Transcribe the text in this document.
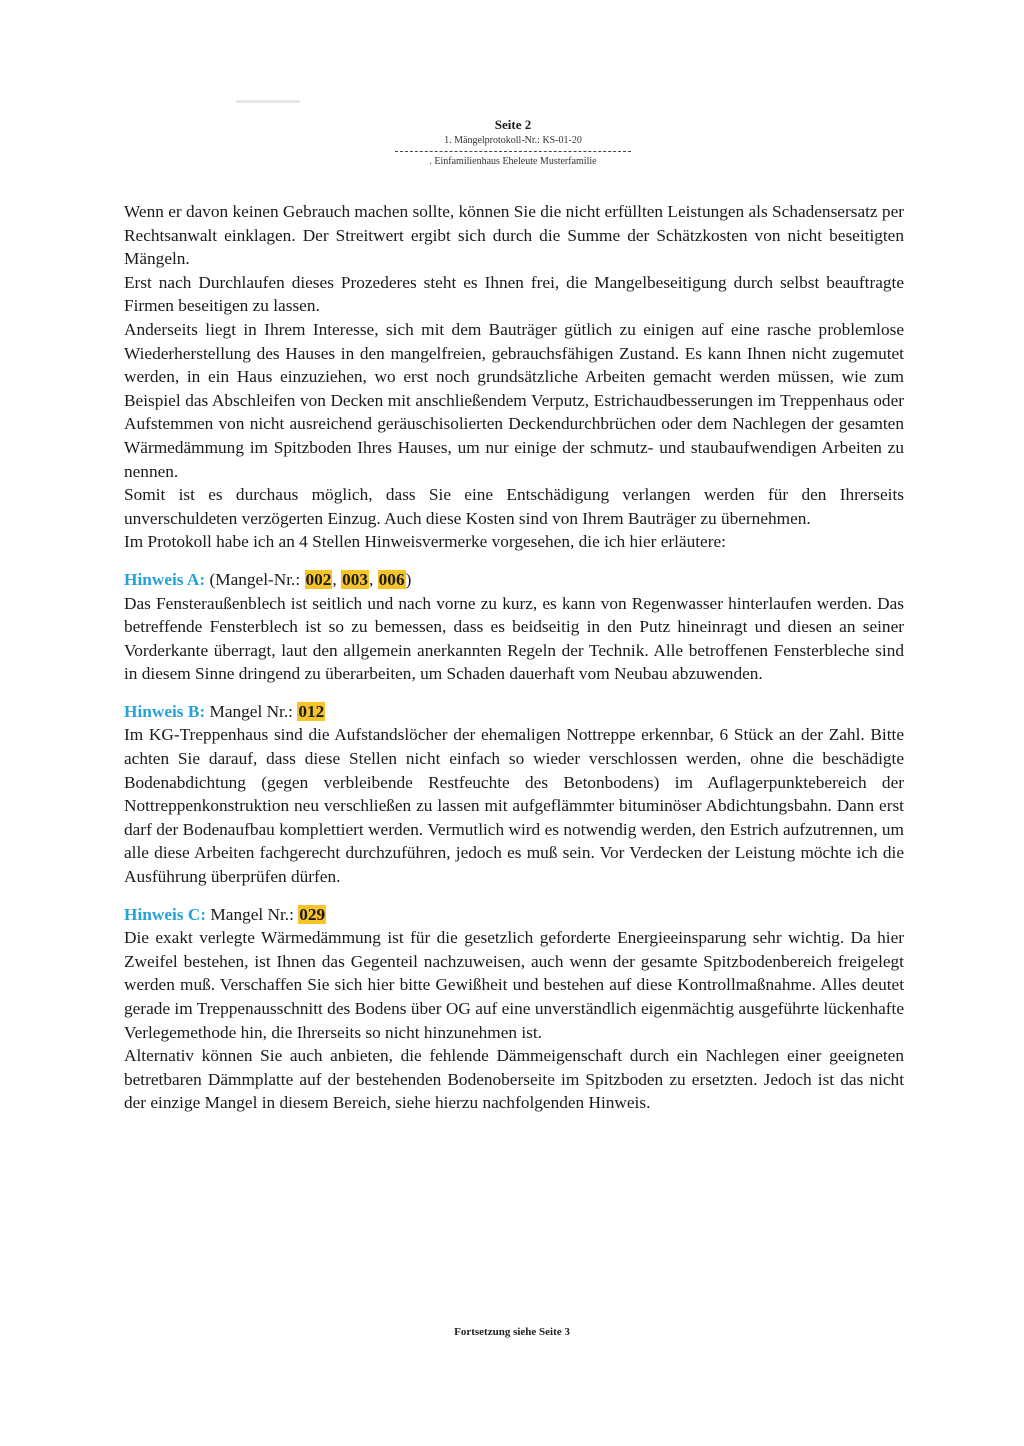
Seite 2
1. Mängelprotokoll-Nr.: KS-01-20
. Einfamilienhaus Eheleute Musterfamilie

Wenn er davon keinen Gebrauch machen sollte, können Sie die nicht erfüllten Leistungen als Schadensersatz per Rechtsanwalt einklagen. Der Streitwert ergibt sich durch die Summe der Schätzkosten von nicht beseitigten Mängeln.

Erst nach Durchlaufen dieses Prozederes steht es Ihnen frei, die Mangelbeseitigung durch selbst beauftragte Firmen beseitigen zu lassen.

Anderseits liegt in Ihrem Interesse, sich mit dem Bauträger gütlich zu einigen auf eine rasche problemlose Wiederherstellung des Hauses in den mangelfreien, gebrauchsfähigen Zustand. Es kann Ihnen nicht zugemutet werden, in ein Haus einzuziehen, wo erst noch grundsätzliche Arbeiten gemacht werden müssen, wie zum Beispiel das Abschleifen von Decken mit anschließendem Verputz, Estrichaudbesserungen im Treppenhaus oder Aufstemmen von nicht ausreichend geräuschisolierten Deckendurchbrüchen oder dem Nachlegen der gesamten Wärmedämmung im Spitzboden Ihres Hauses, um nur einige der schmutz- und staubaufwendigen Arbeiten zu nennen.

Somit ist es durchaus möglich, dass Sie eine Entschädigung verlangen werden für den Ihrerseits unverschuldeten verzögerten Einzug. Auch diese Kosten sind von Ihrem Bauträger zu übernehmen.

Im Protokoll habe ich an 4 Stellen Hinweisvermerke vorgesehen, die ich hier erläutere:

Hinweis A: (Mangel-Nr.: 002, 003, 006)

Das Fensteraußenblech ist seitlich und nach vorne zu kurz, es kann von Regenwasser hinterlaufen werden. Das betreffende Fensterblech ist so zu bemessen, dass es beidseitig in den Putz hineinragt und diesen an seiner Vorderkante überragt, laut den allgemein anerkannten Regeln der Technik. Alle betroffenen Fensterbleche sind in diesem Sinne dringend zu überarbeiten, um Schaden dauerhaft vom Neubau abzuwenden.

Hinweis B: Mangel Nr.: 012

Im KG-Treppenhaus sind die Aufstandslöcher der ehemaligen Nottreppe erkennbar, 6 Stück an der Zahl. Bitte achten Sie darauf, dass diese Stellen nicht einfach so wieder verschlossen werden, ohne die beschädigte Bodenabdichtung (gegen verbleibende Restfeuchte des Betonbodens) im Auflagerpunktebereich der Nottreppenkonstruktion neu verschließen zu lassen mit aufgeflämmter bituminöser Abdichtungsbahn. Dann erst darf der Bodenaufbau komplettiert werden. Vermutlich wird es notwendig werden, den Estrich aufzutrennen, um alle diese Arbeiten fachgerecht durchzuführen, jedoch es muß sein. Vor Verdecken der Leistung möchte ich die Ausführung überprüfen dürfen.

Hinweis C: Mangel Nr.: 029

Die exakt verlegte Wärmedämmung ist für die gesetzlich geforderte Energieeinsparung sehr wichtig. Da hier Zweifel bestehen, ist Ihnen das Gegenteil nachzuweisen, auch wenn der gesamte Spitzbodenbereich freigelegt werden muß. Verschaffen Sie sich hier bitte Gewißheit und bestehen auf diese Kontrollmaßnahme. Alles deutet gerade im Treppenausschnitt des Bodens über OG auf eine unverständlich eigenmächtig ausgeführte lückenhafte Verlegemethode hin, die Ihrerseits so nicht hinzunehmen ist.

Alternativ können Sie auch anbieten, die fehlende Dämmeigenschaft durch ein Nachlegen einer geeigneten betretbaren Dämmplatte auf der bestehenden Bodenoberseite im Spitzboden zu ersetzten. Jedoch ist das nicht der einzige Mangel in diesem Bereich, siehe hierzu nachfolgenden Hinweis.

Fortsetzung siehe Seite 3
